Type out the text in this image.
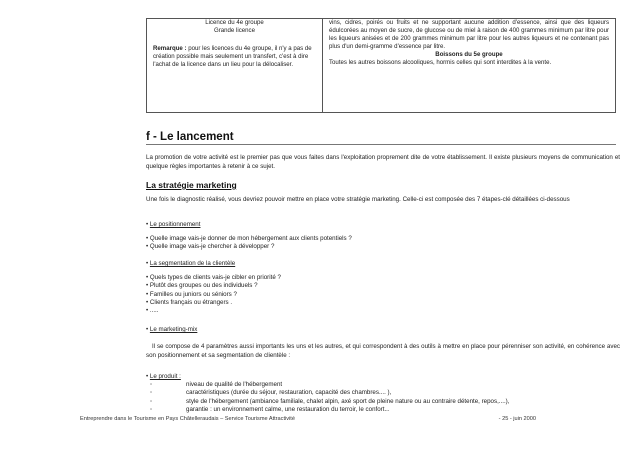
Licence du 4e groupe
Grande licence
Remarque : pour les licences du 4e groupe, il n'y a pas de création possible mais seulement un transfert, c'est à dire l'achat de la licence dans un lieu pour la délocaliser.

vins, cidres, poirés ou fruits et ne supportant aucune addition d'essence, ainsi que des liqueurs édulcorées au moyen de sucre, de glucose ou de miel à raison de 400 grammes minimum par litre pour les liqueurs anisées et de 200 grammes minimum par litre pour les autres liqueurs et ne contenant pas plus d'un demi-gramme d'essence par litre.

Boissons du 5e groupe

Toutes les autres boissons alcooliques, hormis celles qui sont interdites à la vente.

f - Le lancement
La promotion de votre activité est le premier pas que vous faites dans l'exploitation proprement dite de votre établissement. Il existe plusieurs moyens de communication et quelque règles importantes à retenir à ce sujet.
La stratégie marketing
Une fois le diagnostic réalisé, vous devriez pouvoir mettre en place votre stratégie marketing. Celle-ci est composée des 7 étapes-clé détaillées ci-dessous
• Le positionnement
• Quelle image vais-je donner de mon hébergement aux clients potentiels ?
• Quelle image vais-je chercher à développer ?
• La segmentation de la clientèle
• Quels types de clients vais-je cibler en priorité ?
• Plutôt des groupes ou des individuels ?
• Familles ou juniors ou séniors ?
• Clients français ou étrangers .
• .....
• Le marketing-mix
Il se compose de 4 paramètres aussi importants les uns et les autres, et qui correspondent à des outils à mettre en place pour pérenniser son activité, en cohérence avec son positionnement et sa segmentation de clientèle :
• Le produit :
▫	niveau de qualité de l'hébergement
▫	caractéristiques (durée du séjour, restauration, capacité des chambres.... ),
▫	style de l'hébergement (ambiance familiale, chalet alpin, axé sport de pleine nature ou au contraire détente, repos,....),
▫	garantie : un environnement calme, une restauration du terroir, le confort...
Entreprendre dans le Tourisme en Pays Châtelleraudais – Service Tourisme Attractivité	- 25 - juin 2000
